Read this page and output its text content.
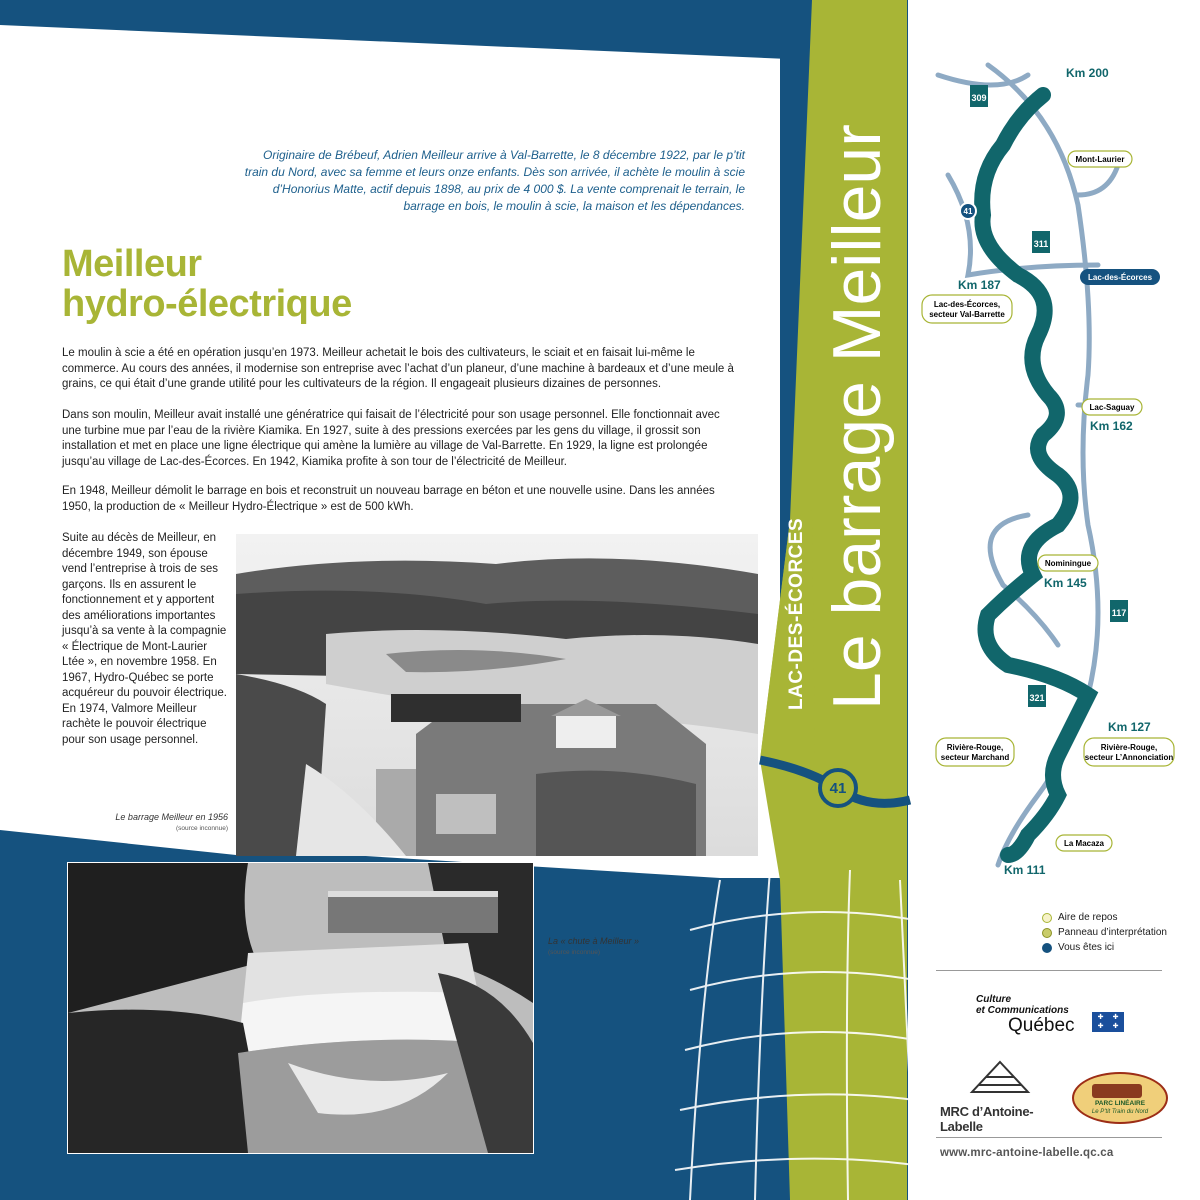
Originaire de Brébeuf, Adrien Meilleur arrive à Val-Barrette, le 8 décembre 1922, par le p’tit train du Nord, avec sa femme et leurs onze enfants. Dès son arrivée, il achète le moulin à scie d’Honorius Matte, actif depuis 1898, au prix de 4 000 $. La vente comprenait le terrain, le barrage en bois, le moulin à scie, la maison et les dépendances.
Meilleur
hydro-électrique
Le moulin à scie a été en opération jusqu’en 1973. Meilleur achetait le bois des cultivateurs, le sciait et en faisait lui-même le commerce. Au cours des années, il modernise son entreprise avec l’achat d’un planeur, d’une machine à bardeaux et d’une meule à grains, ce qui était d’une grande utilité pour les cultivateurs de la région. Il engageait plusieurs dizaines de personnes.
Dans son moulin, Meilleur avait installé une génératrice qui faisait de l’électricité pour son usage personnel. Elle fonctionnait avec une turbine mue par l’eau de la rivière Kiamika. En 1927, suite à des pressions exercées par les gens du village, il grossit son installation et met en place une ligne électrique qui amène la lumière au village de Val-Barrette. En 1929, la ligne est prolongée jusqu’au village de Lac-des-Écorces. En 1942, Kiamika profite à son tour de l’électricité de Meilleur.
En 1948, Meilleur démolit le barrage en bois et reconstruit un nouveau barrage en béton et une nouvelle usine. Dans les années 1950, la production de « Meilleur Hydro-Électrique » est de 500 kWh.
Suite au décès de Meilleur, en décembre 1949, son épouse vend l’entreprise à trois de ses garçons. Ils en assurent le fonctionnement et y apportent des améliorations importantes jusqu’à sa vente à la compagnie « Électrique de Mont-Laurier Ltée », en novembre 1958. En 1967, Hydro-Québec se porte acquéreur du pouvoir électrique. En 1974, Valmore Meilleur rachète le pouvoir électrique pour son usage personnel.
Le barrage Meilleur en 1956
(source inconnue)
La « chute à Meilleur »
(source inconnue)
Le barrage Meilleur
LAC-DES-ÉCORCES
41
Km 200
Km 187
Km 162
Km 145
Km 127
Km 111
Mont-Laurier
Lac-des-Écorces
Lac-des-Écorces,
secteur Val-Barrette
Lac-Saguay
Nominingue
Rivière-Rouge,
secteur Marchand
Rivière-Rouge,
secteur L’Annonciation
La Macaza
309
311
117
321
41
Aire de repos
Panneau d’interprétation
Vous êtes ici
Culture
et Communications
Québec	✚	✚
✚	✚
MRC d’Antoine-Labelle
PARC LINÉAIRE
Le P’tit Train du Nord
www.mrc-antoine-labelle.qc.ca
